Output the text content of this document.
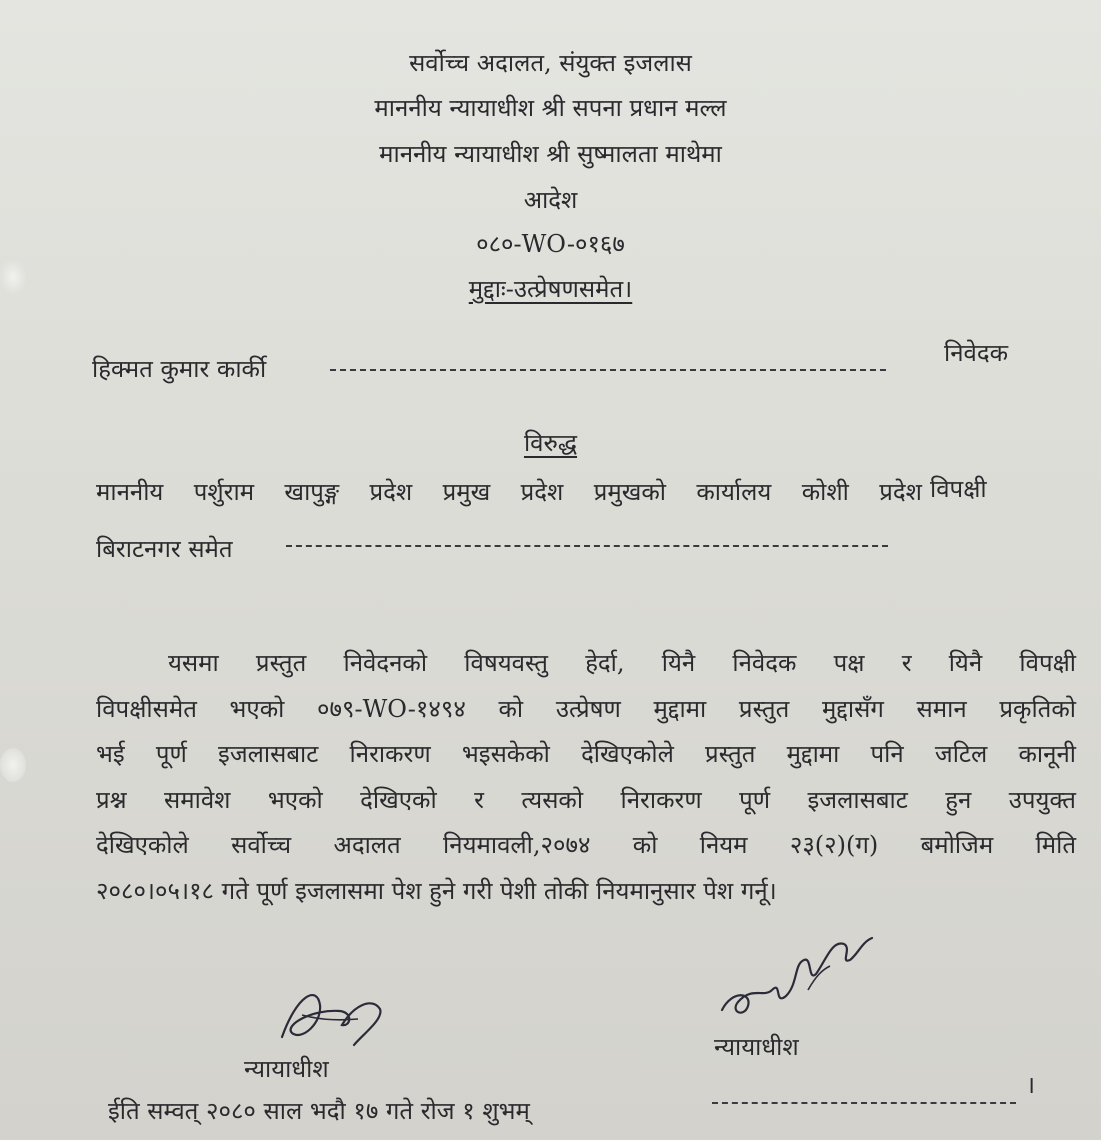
सर्वोच्च अदालत, संयुक्त इजलास
माननीय न्यायाधीश श्री सपना प्रधान मल्ल
माननीय न्यायाधीश श्री सुष्मालता माथेमा
आदेश
०८०-WO-०१६७
मुद्दाः-उत्प्रेषणसमेत।
हिक्मत कुमार कार्की
निवेदक
विरुद्ध
माननीय पर्शुराम खापुङ्ग प्रदेश प्रमुख प्रदेश प्रमुखको कार्यालय कोशी प्रदेश विपक्षी
बिराटनगर समेत
यसमा प्रस्तुत निवेदनको विषयवस्तु हेर्दा, यिनै निवेदक पक्ष र यिनै विपक्षी
विपक्षीसमेत भएको ०७९-WO-१४९४ को उत्प्रेषण मुद्दामा प्रस्तुत मुद्दासँग समान प्रकृतिको
भई पूर्ण इजलासबाट निराकरण भइसकेको देखिएकोले प्रस्तुत मुद्दामा पनि जटिल कानूनी
प्रश्न समावेश भएको देखिएको र त्यसको निराकरण पूर्ण इजलासबाट हुन उपयुक्त
देखिएकोले सर्वोच्च अदालत नियमावली,२०७४ को नियम २३(२)(ग) बमोजिम मिति
२०८०।०५।१८ गते पूर्ण इजलासमा पेश हुने गरी पेशी तोकी नियमानुसार पेश गर्नू।
न्यायाधीश
न्यायाधीश
ईति सम्वत् २०८० साल भदौ १७ गते रोज १ शुभम्
।
